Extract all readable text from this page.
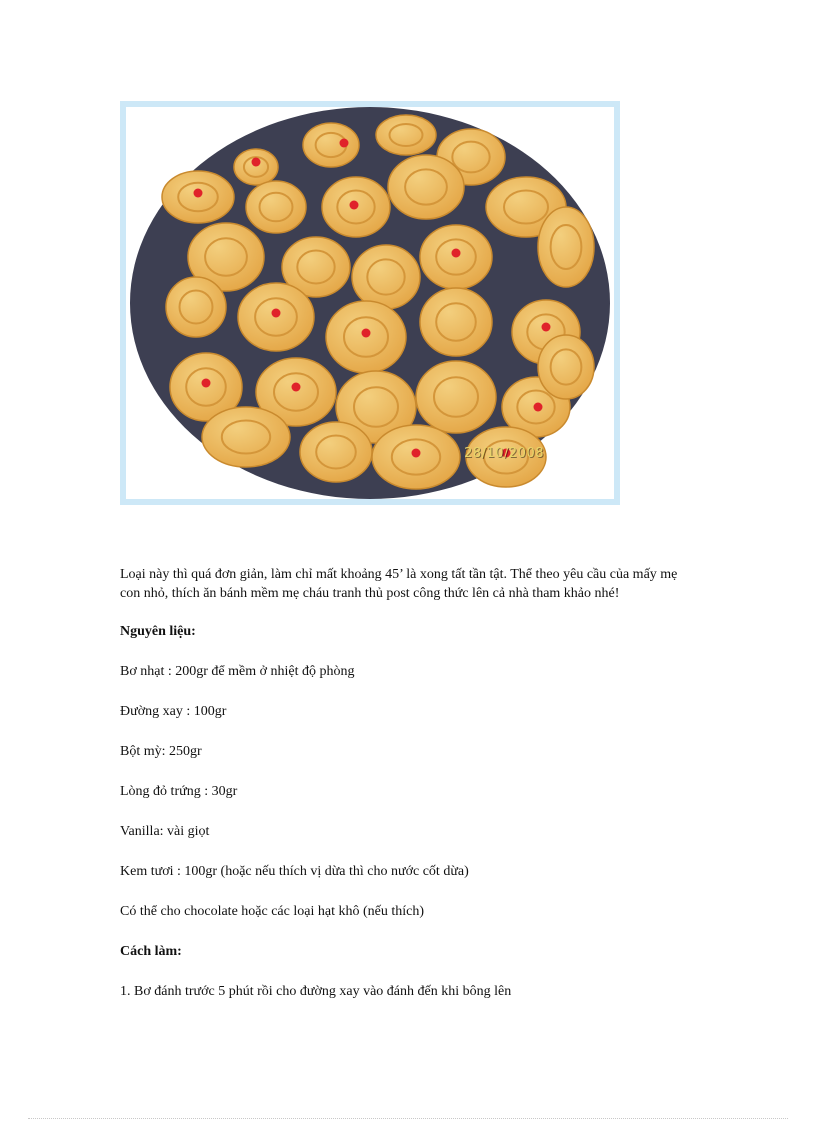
28/10/2008

Loại này thì quá đơn giản, làm chỉ mất khoảng 45’ là xong tất tần tật. Thể theo yêu cầu của mấy mẹ con nhỏ, thích ăn bánh mềm mẹ cháu tranh thủ post công thức lên cả nhà tham khảo nhé!

Nguyên liệu:

Bơ nhạt : 200gr để mềm ở nhiệt độ phòng

Đường xay : 100gr

Bột mỳ: 250gr

Lòng đỏ trứng : 30gr

Vanilla: vài giọt

Kem tươi : 100gr (hoặc nếu thích vị dừa thì cho nước cốt dừa)

Có thể cho chocolate hoặc các loại hạt khô (nếu thích)

Cách làm:

1. Bơ đánh trước 5 phút rồi cho đường xay vào đánh đến khi bông lên
